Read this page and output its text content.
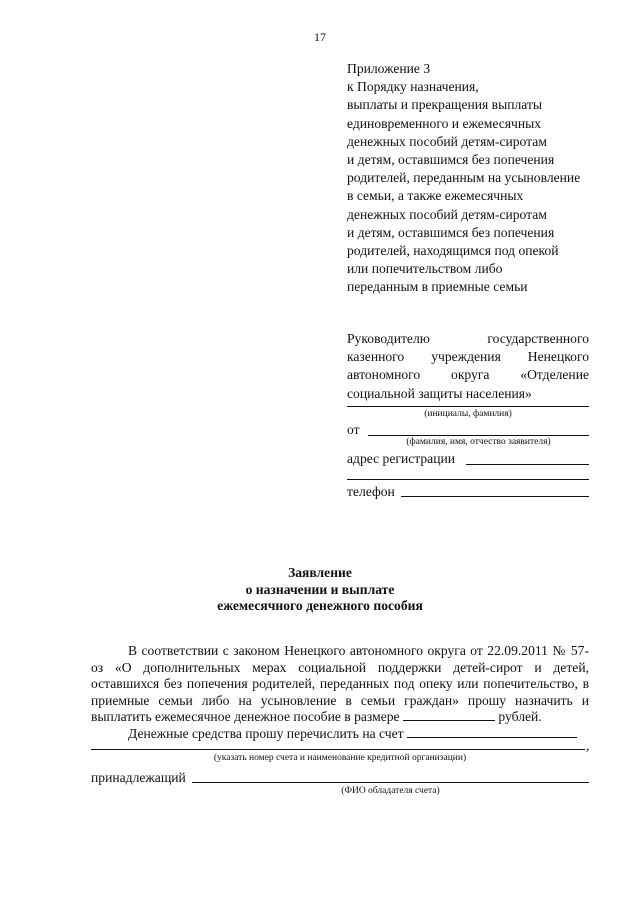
17
Приложение 3
к Порядку назначения,
выплаты и прекращения выплаты
единовременного и ежемесячных
денежных пособий детям-сиротам
и детям, оставшимся без попечения
родителей, переданным на усыновление
в семьи, а также ежемесячных
денежных пособий детям-сиротам
и детям, оставшимся без попечения
родителей, находящимся под опекой
или попечительством либо
переданным в приемные семьи
Руководителю государственного казенного учреждения Ненецкого автономного округа «Отделение социальной защиты населения»
(инициалы, фамилия)
от
(фамилия, имя, отчество заявителя)
адрес регистрации
телефон
Заявление
о назначении и выплате
ежемесячного денежного пособия

В соответствии с законом Ненецкого автономного округа от 22.09.2011 № 57-оз «О дополнительных мерах социальной поддержки детей-сирот и детей, оставшихся без попечения родителей, переданных под опеку или попечительство, в приемные семьи либо на усыновление в семьи граждан» прошу назначить и выплатить ежемесячное денежное пособие в размере	рублей.

Денежные средства прошу перечислить на счет

,
(указать номер счета и наименование кредитной организации)
принадлежащий
(ФИО обладателя счета)
